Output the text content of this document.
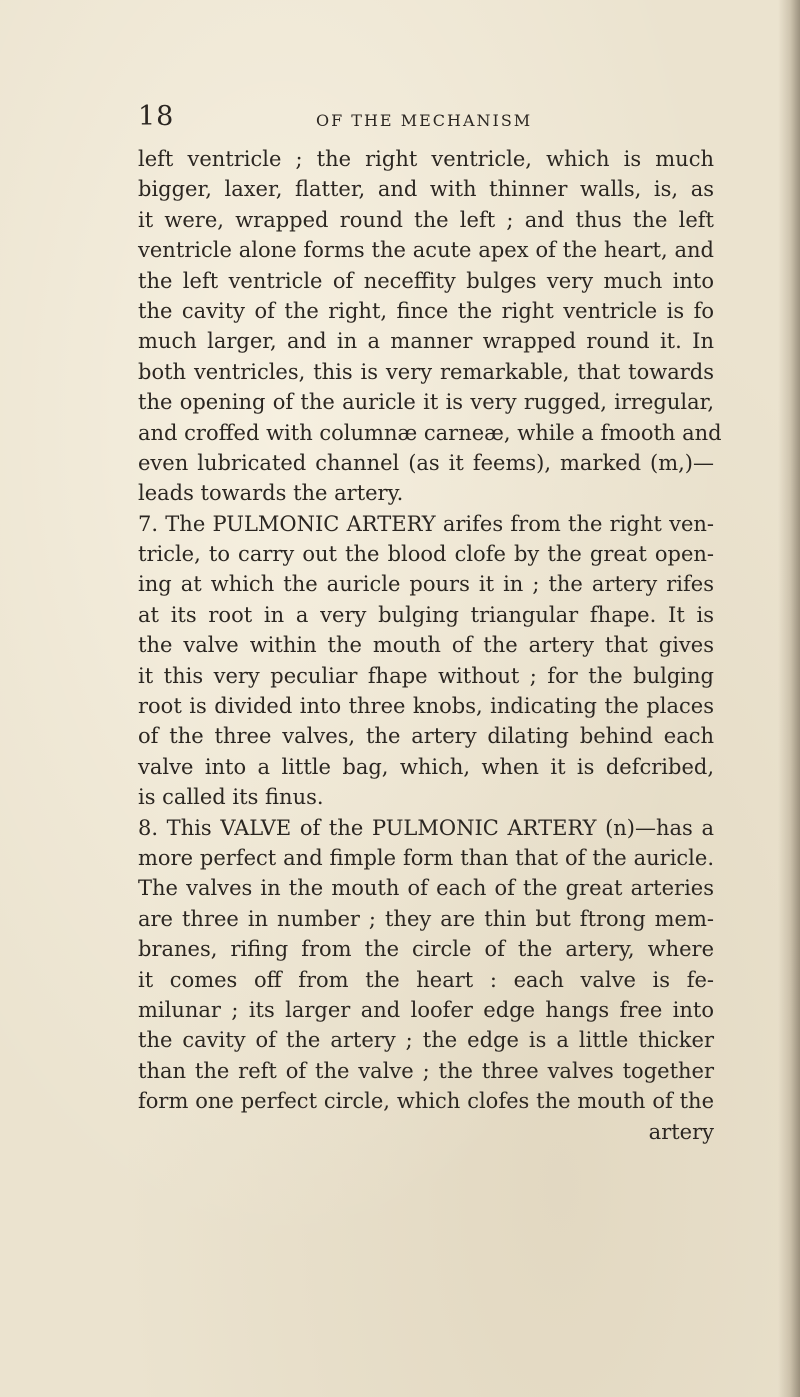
18	OF THE MECHANISM
left ventricle ; the right ventricle, which is much
bigger, laxer, flatter, and with thinner walls, is, as
it were, wrapped round the left ; and thus the left
ventricle alone forms the acute apex of the heart, and
the left ventricle of neceffity bulges very much into
the cavity of the right, fince the right ventricle is fo
much larger, and in a manner wrapped round it. In
both ventricles, this is very remarkable, that towards
the opening of the auricle it is very rugged, irregular,
and croffed with columnæ carneæ, while a fmooth and
even lubricated channel (as it feems), marked (m,)—
leads towards the artery.
7. The PULMONIC ARTERY arifes from the right ven-
tricle, to carry out the blood clofe by the great open-
ing at which the auricle pours it in ; the artery rifes
at its root in a very bulging triangular fhape. It is
the valve within the mouth of the artery that gives
it this very peculiar fhape without ; for the bulging
root is divided into three knobs, indicating the places
of the three valves, the artery dilating behind each
valve into a little bag, which, when it is defcribed,
is called its finus.
8. This VALVE of the PULMONIC ARTERY (n)—has a
more perfect and fimple form than that of the auricle.
The valves in the mouth of each of the great arteries
are three in number ; they are thin but ftrong mem-
branes, rifing from the circle of the artery, where
it comes off from the heart : each valve is fe-
milunar ; its larger and loofer edge hangs free into
the cavity of the artery ; the edge is a little thicker
than the reft of the valve ; the three valves together
form one perfect circle, which clofes the mouth of the
artery
